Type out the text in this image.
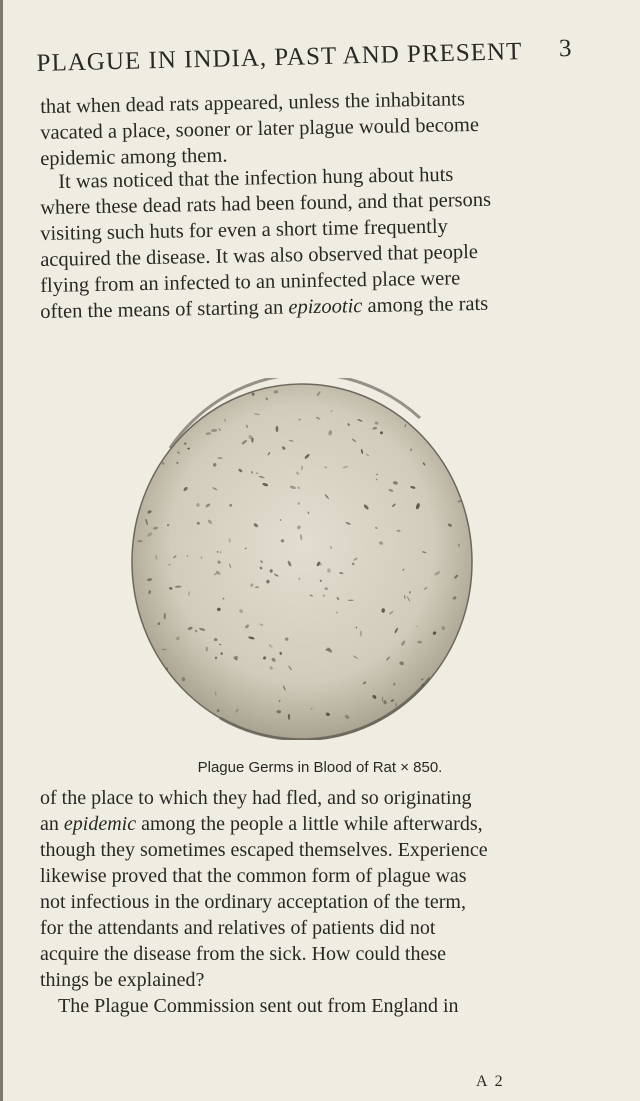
PLAGUE IN INDIA, PAST AND PRESENT 3
that when dead rats appeared, unless the inhabitants
vacated a place, sooner or later plague would become
epidemic among them.
It was noticed that the infection hung about huts
where these dead rats had been found, and that persons
visiting such huts for even a short time frequently
acquired the disease. It was also observed that people
flying from an infected to an uninfected place were
often the means of starting an epizootic among the rats
Plague Germs in Blood of Rat × 850.
of the place to which they had fled, and so originating
an epidemic among the people a little while afterwards,
though they sometimes escaped themselves. Experience
likewise proved that the common form of plague was
not infectious in the ordinary acceptation of the term,
for the attendants and relatives of patients did not
acquire the disease from the sick. How could these
things be explained?
The Plague Commission sent out from England in
A 2
